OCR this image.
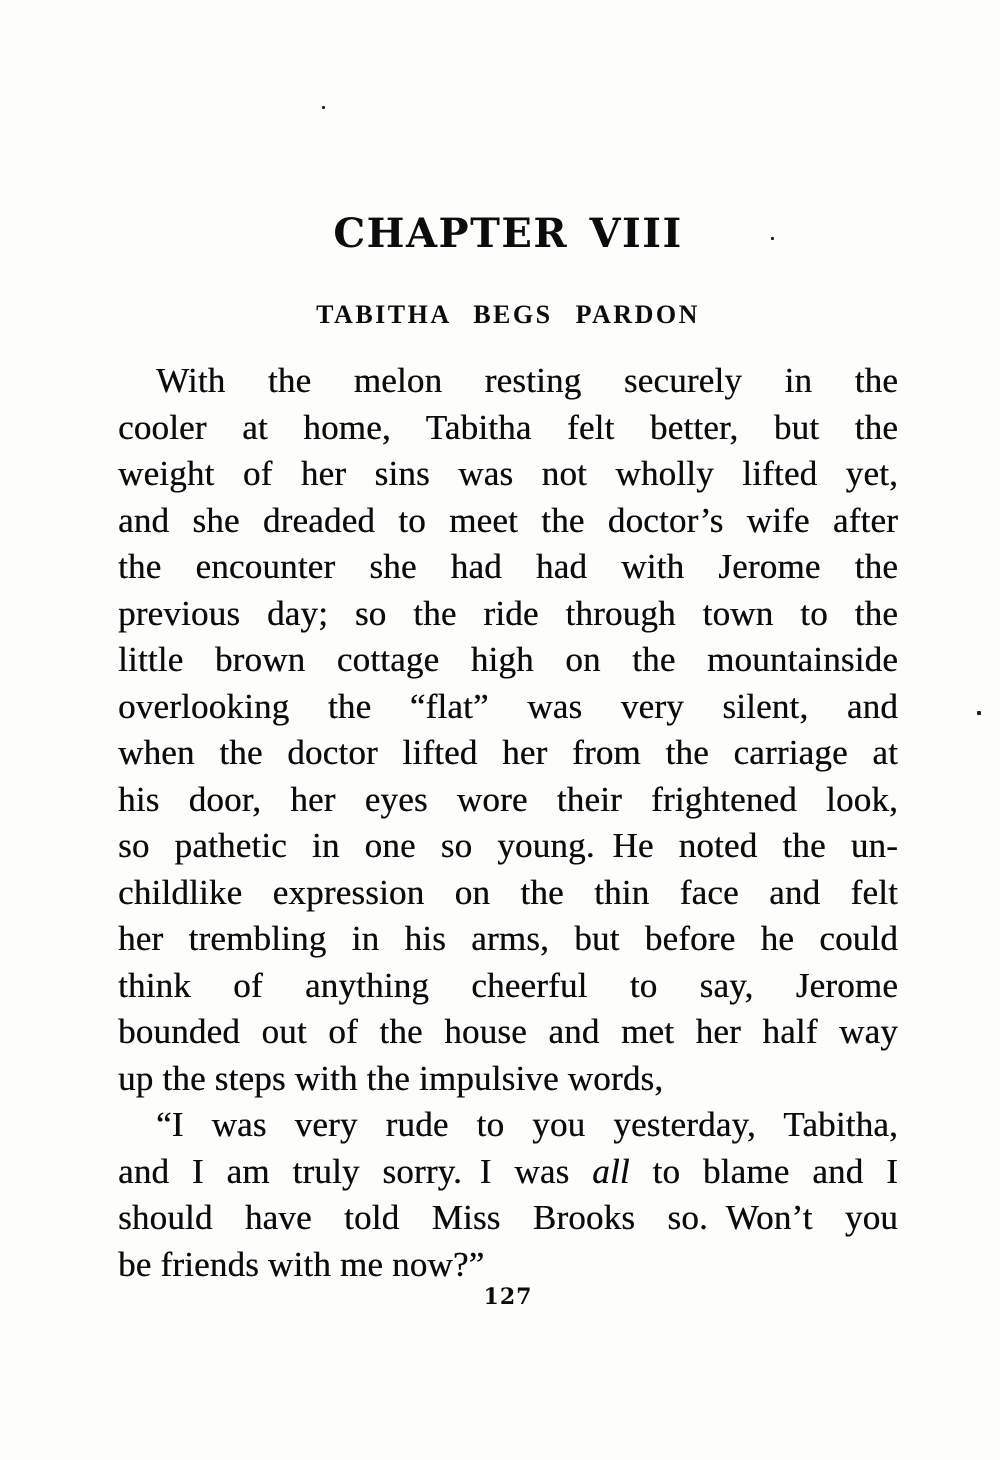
CHAPTER VIII
TABITHA BEGS PARDON
With the melon resting securely in the
cooler at home, Tabitha felt better, but the
weight of her sins was not wholly lifted yet,
and she dreaded to meet the doctor’s wife after
the encounter she had had with Jerome the
previous day; so the ride through town to the
little brown cottage high on the mountainside
overlooking the “flat” was very silent, and
when the doctor lifted her from the carriage at
his door, her eyes wore their frightened look,
so pathetic in one so young. He noted the un-
childlike expression on the thin face and felt
her trembling in his arms, but before he could
think of anything cheerful to say, Jerome
bounded out of the house and met her half way
up the steps with the impulsive words,
“I was very rude to you yesterday, Tabitha,
and I am truly sorry. I was all to blame and I
should have told Miss Brooks so. Won’t you
be friends with me now?”
127
